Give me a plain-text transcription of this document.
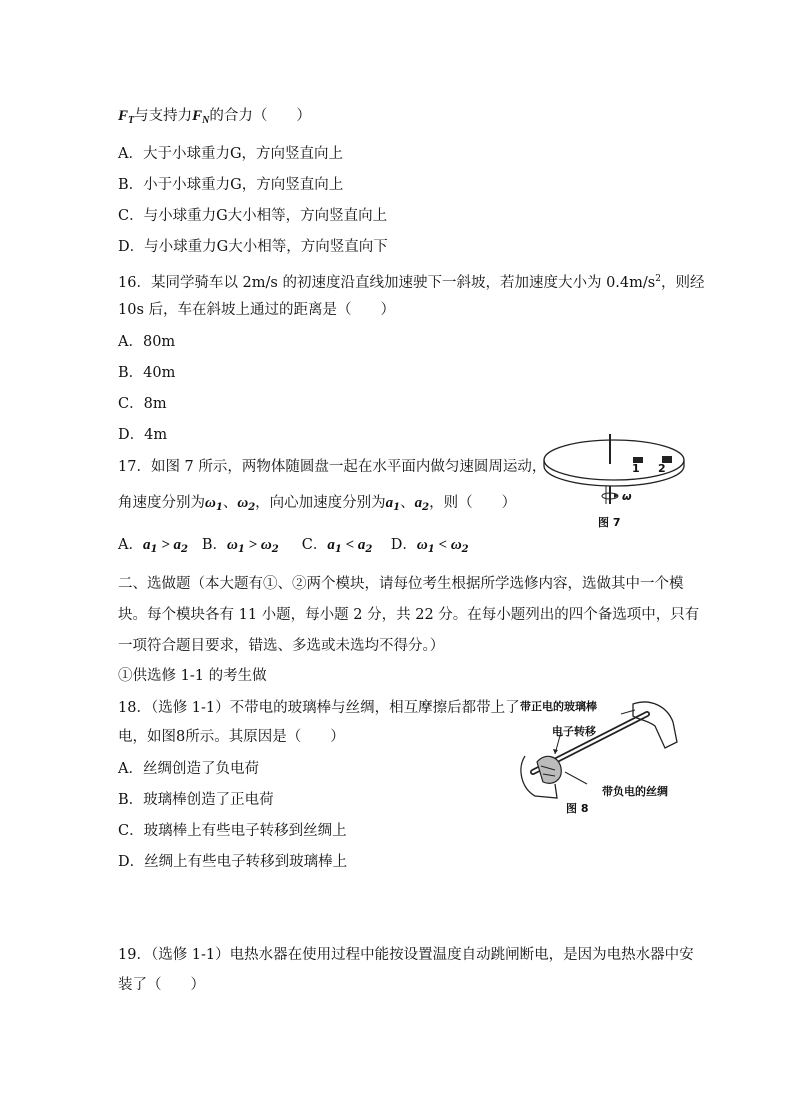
$F_T$与支持力$F_N$的合力（　　）
A．大于小球重力G，方向竖直向上
B．小于小球重力G，方向竖直向上
C．与小球重力G大小相等，方向竖直向上
D．与小球重力G大小相等，方向竖直向下
16．某同学骑车以 2m/s 的初速度沿直线加速驶下一斜坡，若加速度大小为 $0.4m/s^2$，则经
10s 后，车在斜坡上通过的距离是（　　）
A．80m
B．40m
C．8m
D．4m
17．如图 7 所示，两物体随圆盘一起在水平面内做匀速圆周运动，
角速度分别为$\omega_1$、$\omega_2$，向心加速度分别为$a_1$、$a_2$，则（　　）
A．$a_1 > a_2$ B．$\omega_1 > \omega_2$ C．$a_1 < a_2$ D．$\omega_1 < \omega_2$
1 2
ω
图 7
二、选做题（本大题有①、②两个模块，请每位考生根据所学选修内容，选做其中一个模
块。每个模块各有 11 小题，每小题 2 分，共 22 分。在每小题列出的四个备选项中，只有
一项符合题目要求，错选、多选或未选均不得分。）
①供选修 1-1 的考生做
18．（选修 1-1）不带电的玻璃棒与丝绸，相互摩擦后都带上了
电，如图8所示。其原因是（　　）
A．丝绸创造了负电荷
B．玻璃棒创造了正电荷
C．玻璃棒上有些电子转移到丝绸上
D．丝绸上有些电子转移到玻璃棒上
带正电的玻璃棒
电子转移
带负电的丝绸
图 8
19．（选修 1-1）电热水器在使用过程中能按设置温度自动跳闸断电，是因为电热水器中安
装了（　　）
